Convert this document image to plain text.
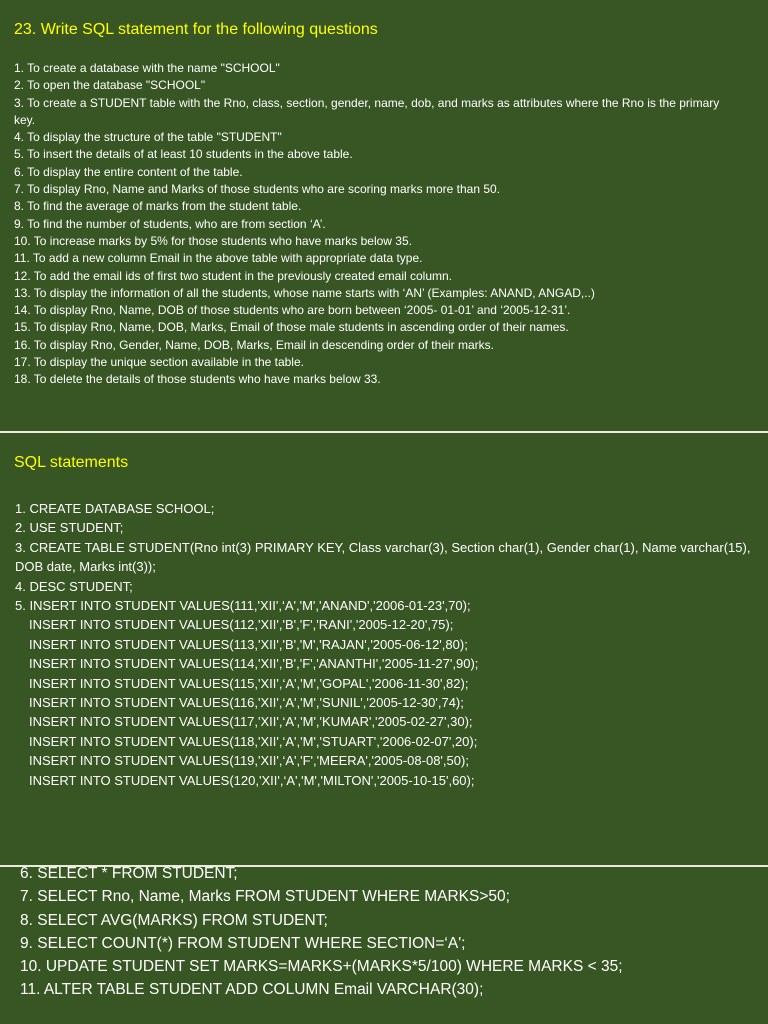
23. Write SQL statement for the following questions
1. To create a database with the name "SCHOOL"
2. To open the database "SCHOOL"
3. To create a STUDENT table with the Rno, class, section, gender, name, dob, and marks as attributes where the Rno is the primary key.
4. To display the structure of the table "STUDENT"
5. To insert the details of at least 10 students in the above table.
6. To display the entire content of the table.
7. To display Rno, Name and Marks of those students who are scoring marks more than 50.
8. To find the average of marks from the student table.
9. To find the number of students, who are from section ‘A’.
10. To increase marks by 5% for those students who have marks below 35.
11. To add a new column Email in the above table with appropriate data type.
12. To add the email ids of first two student in the previously created email column.
13. To display the information of all the students, whose name starts with ‘AN’ (Examples: ANAND, ANGAD,..)
14. To display Rno, Name, DOB of those students who are born between ‘2005- 01-01’ and ‘2005-12-31’.
15. To display Rno, Name, DOB, Marks, Email of those male students in ascending order of their names.
16. To display Rno, Gender, Name, DOB, Marks, Email in descending order of their marks.
17. To display the unique section available in the table.
18. To delete the details of those students who have marks below 33.
SQL statements
1. CREATE DATABASE SCHOOL;
2. USE STUDENT;
3. CREATE TABLE STUDENT(Rno int(3) PRIMARY KEY, Class varchar(3), Section char(1), Gender char(1), Name varchar(15), DOB date, Marks int(3));
4. DESC STUDENT;
5. INSERT INTO STUDENT VALUES(111,'XII',‘A','M','ANAND','2006-01-23',70);
INSERT INTO STUDENT VALUES(112,'XII','B','F','RANI','2005-12-20',75);
INSERT INTO STUDENT VALUES(113,'XII','B','M','RAJAN','2005-06-12',80);
INSERT INTO STUDENT VALUES(114,'XII','B','F','ANANTHI','2005-11-27',90);
INSERT INTO STUDENT VALUES(115,'XII',‘A','M','GOPAL','2006-11-30',82);
INSERT INTO STUDENT VALUES(116,'XII',‘A','M','SUNIL','2005-12-30',74);
INSERT INTO STUDENT VALUES(117,'XII',‘A','M','KUMAR','2005-02-27',30);
INSERT INTO STUDENT VALUES(118,'XII',‘A','M','STUART','2006-02-07',20);
INSERT INTO STUDENT VALUES(119,'XII',‘A','F','MEERA','2005-08-08',50);
INSERT INTO STUDENT VALUES(120,'XII',‘A','M','MILTON','2005-10-15',60);
6. SELECT * FROM STUDENT;
7. SELECT Rno, Name, Marks FROM STUDENT WHERE MARKS>50;
8. SELECT AVG(MARKS) FROM STUDENT;
9. SELECT COUNT(*) FROM STUDENT WHERE SECTION=‘A';
10. UPDATE STUDENT SET MARKS=MARKS+(MARKS*5/100) WHERE MARKS < 35;
11. ALTER TABLE STUDENT ADD COLUMN Email VARCHAR(30);
